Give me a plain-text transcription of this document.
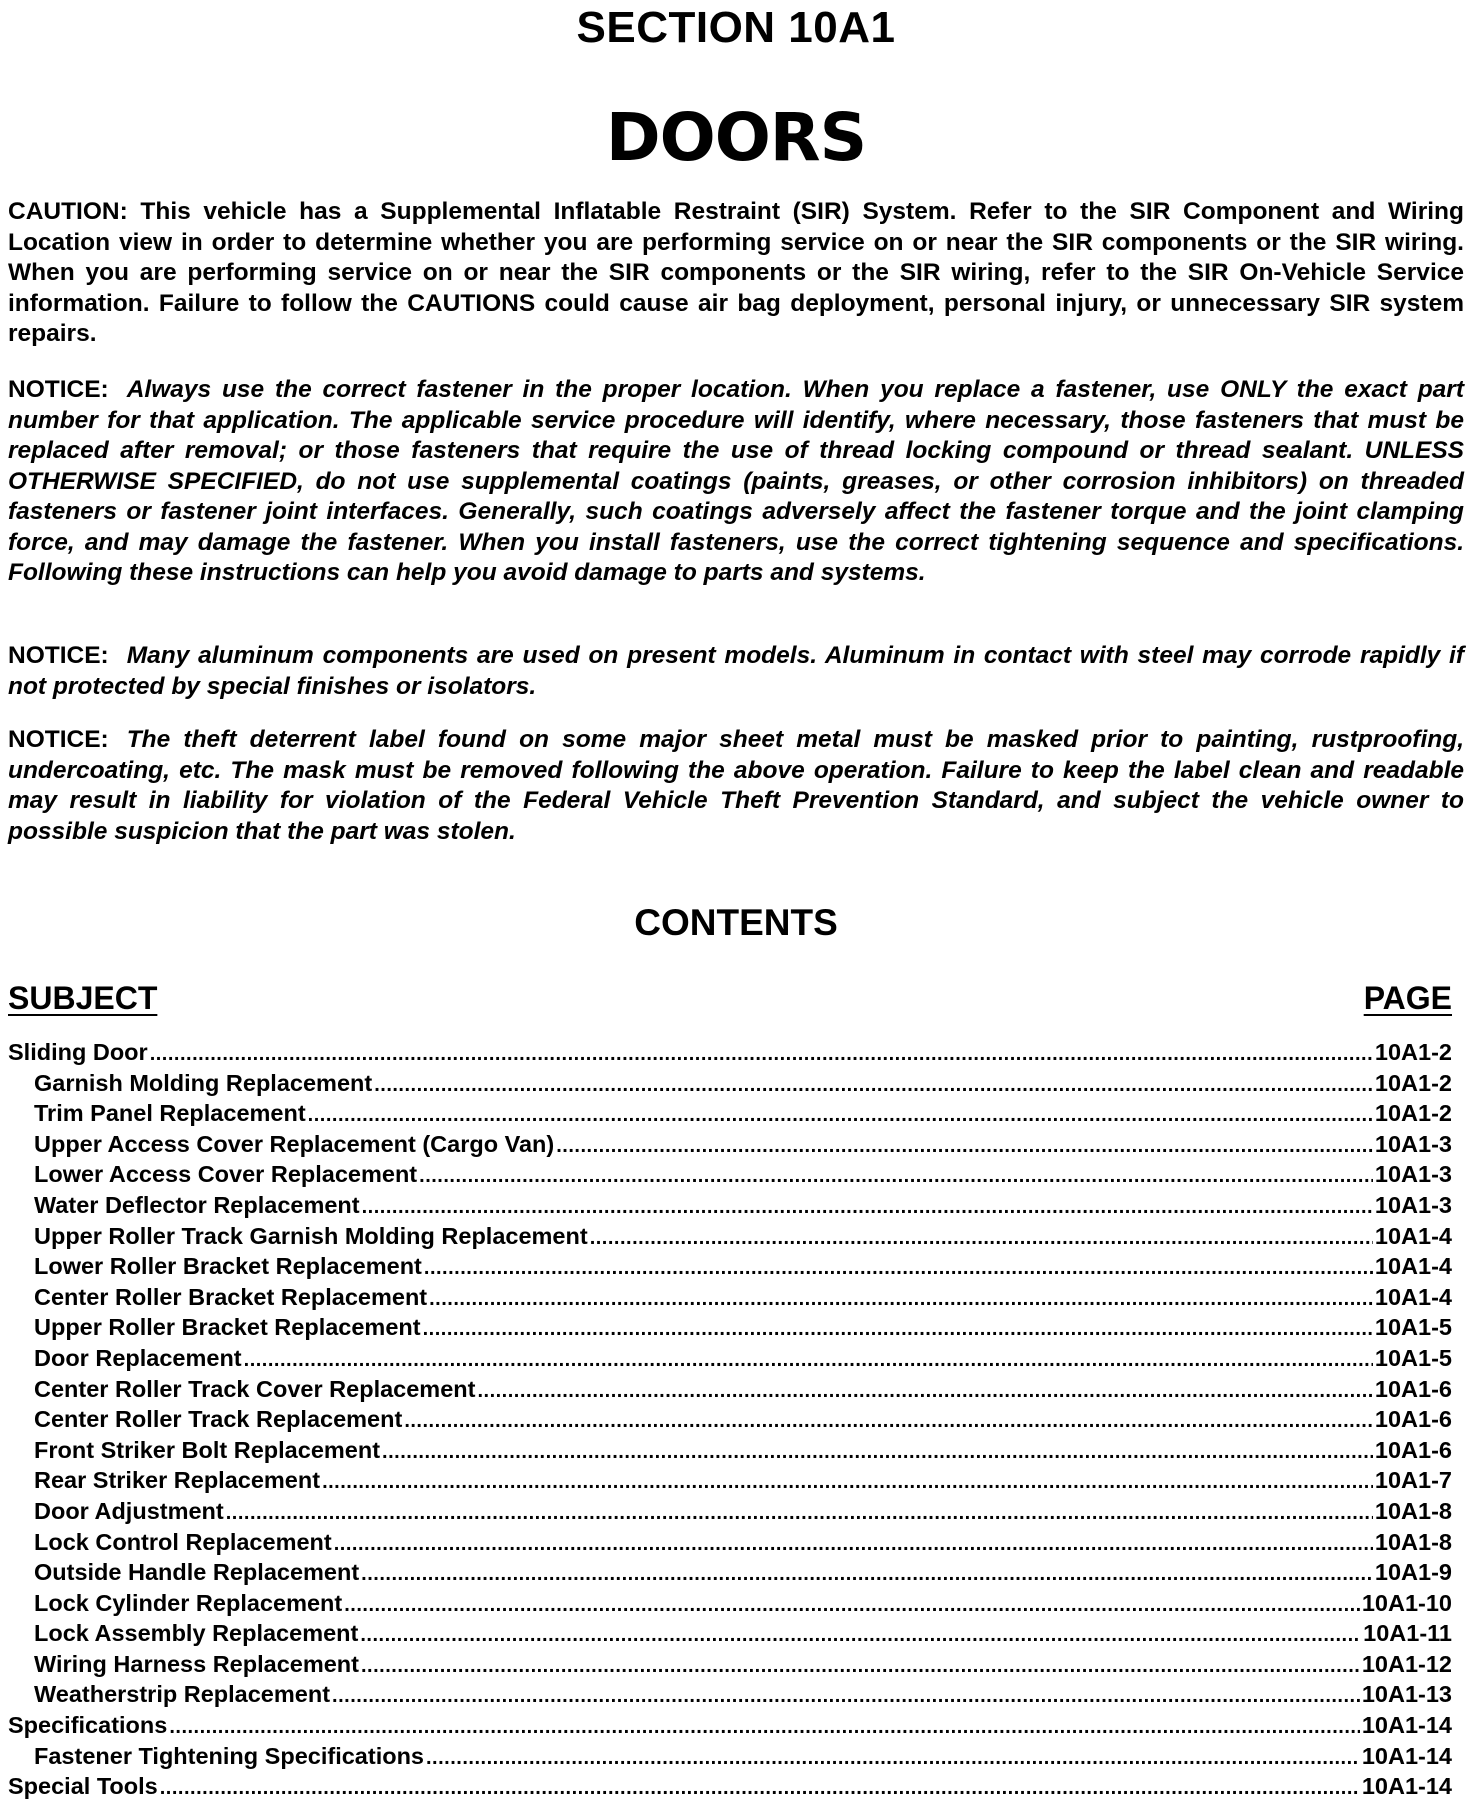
SECTION 10A1
DOORS

CAUTION: This vehicle has a Supplemental Inflatable Restraint (SIR) System. Refer to the SIR Component and Wiring Location view in order to determine whether you are performing service on or near the SIR components or the SIR wiring. When you are performing service on or near the SIR components or the SIR wiring, refer to the SIR On-Vehicle Service information. Failure to follow the CAUTIONS could cause air bag deployment, personal injury, or unnecessary SIR system repairs.

NOTICE: Always use the correct fastener in the proper location. When you replace a fastener, use ONLY the exact part number for that application. The applicable service procedure will identify, where necessary, those fasteners that must be replaced after removal; or those fasteners that require the use of thread locking compound or thread sealant. UNLESS OTHERWISE SPECIFIED, do not use supplemental coatings (paints, greases, or other corrosion inhibitors) on threaded fasteners or fastener joint interfaces. Generally, such coatings adversely affect the fastener torque and the joint clamping force, and may damage the fastener. When you install fasteners, use the correct tightening sequence and specifications. Following these instructions can help you avoid damage to parts and systems.

NOTICE: Many aluminum components are used on present models. Aluminum in contact with steel may corrode rapidly if not protected by special finishes or isolators.

NOTICE: The theft deterrent label found on some major sheet metal must be masked prior to painting, rustproofing, undercoating, etc. The mask must be removed following the above operation. Failure to keep the label clean and readable may result in liability for violation of the Federal Vehicle Theft Prevention Standard, and subject the vehicle owner to possible suspicion that the part was stolen.

CONTENTS
SUBJECT	PAGE
Sliding Door .....	10A1-2
Garnish Molding Replacement .....	10A1-2
Trim Panel Replacement .....	10A1-2
Upper Access Cover Replacement (Cargo Van) .....	10A1-3
Lower Access Cover Replacement .....	10A1-3
Water Deflector Replacement .....	10A1-3
Upper Roller Track Garnish Molding Replacement .....	10A1-4
Lower Roller Bracket Replacement .....	10A1-4
Center Roller Bracket Replacement .....	10A1-4
Upper Roller Bracket Replacement .....	10A1-5
Door Replacement .....	10A1-5
Center Roller Track Cover Replacement .....	10A1-6
Center Roller Track Replacement .....	10A1-6
Front Striker Bolt Replacement .....	10A1-6
Rear Striker Replacement .....	10A1-7
Door Adjustment .....	10A1-8
Lock Control Replacement .....	10A1-8
Outside Handle Replacement .....	10A1-9
Lock Cylinder Replacement .....	10A1-10
Lock Assembly Replacement .....	10A1-11
Wiring Harness Replacement .....	10A1-12
Weatherstrip Replacement .....	10A1-13
Specifications .....	10A1-14
Fastener Tightening Specifications .....	10A1-14
Special Tools .....	10A1-14
